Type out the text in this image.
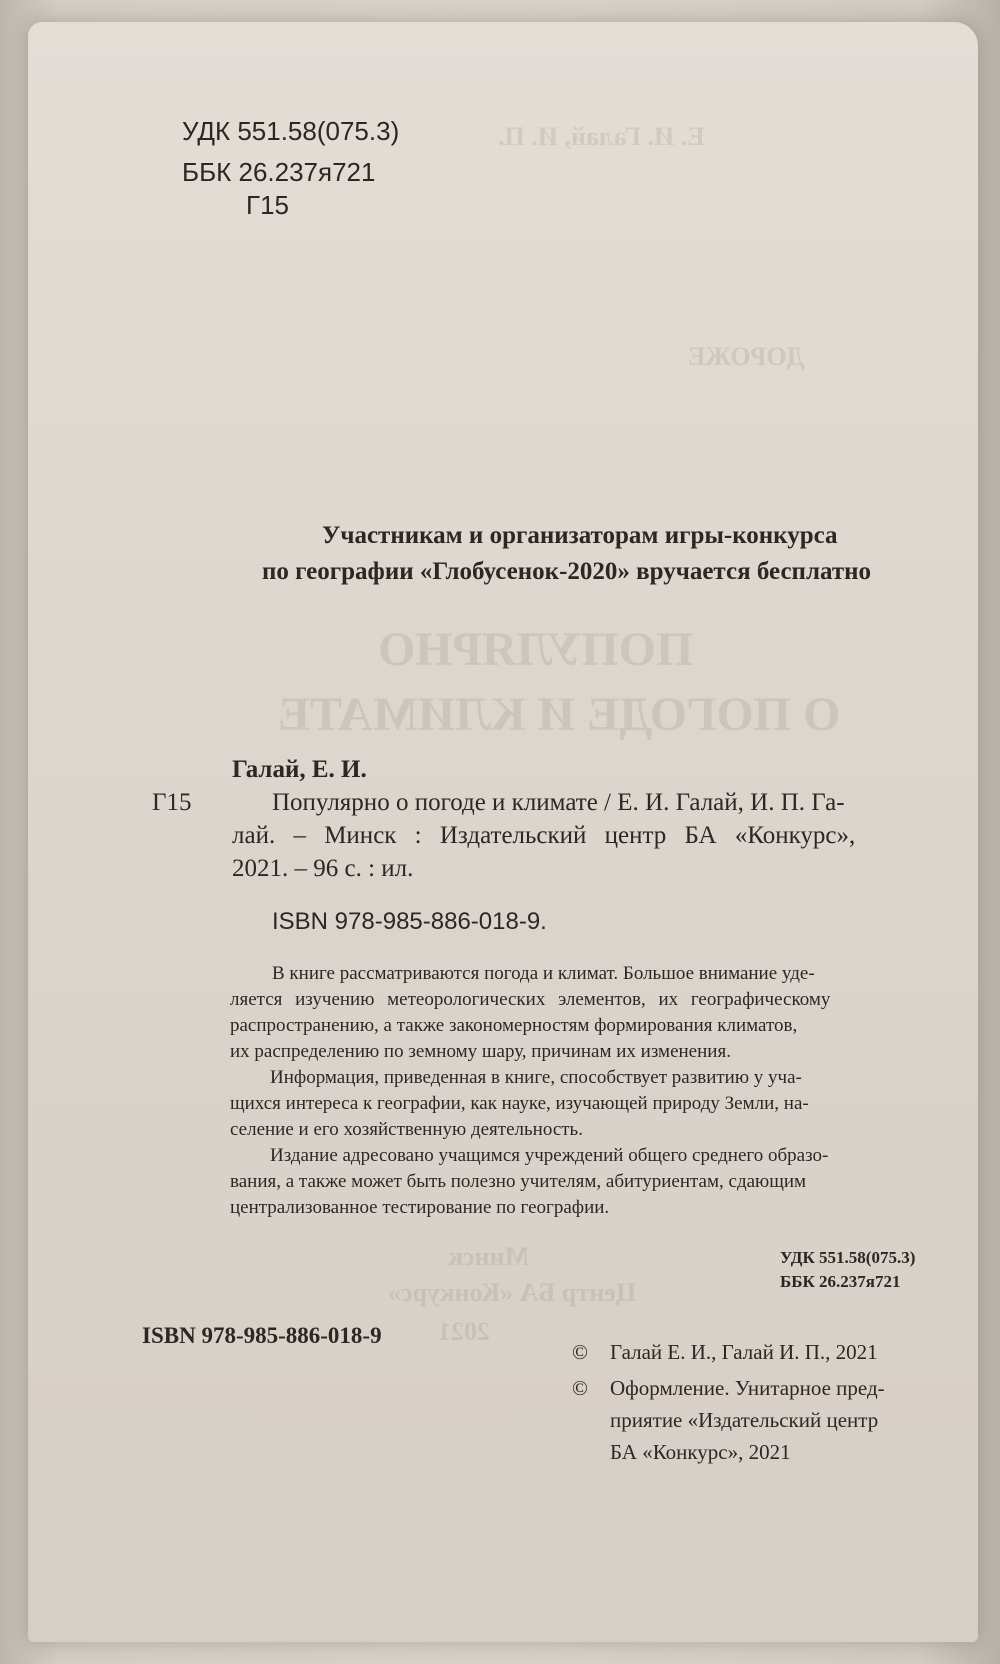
Е. И. Галай, И. П.
ДОРОЖЕ
ПОПУЛЯРНО
О ПОГОДЕ И КЛИМАТЕ
Минск
Центр БА «Конкурс»
2021
УДК 551.58(075.3)
ББК 26.237я721
Г15
Участникам и организаторам игры-конкурса
по географии «Глобусенок-2020» вручается бесплатно
Галай, Е. И.
Г15	Популярно о погоде и климате / Е. И. Галай, И. П. Га-
лай. – Минск : Издательский центр БА «Конкурс»,
2021. – 96 с. : ил.
ISBN 978-985-886-018-9.
В книге рассматриваются погода и климат. Большое внимание уде-
ляется изучению метеорологических элементов, их географическому
распространению, а также закономерностям формирования климатов,
их распределению по земному шару, причинам их изменения.
Информация, приведенная в книге, способствует развитию у уча-
щихся интереса к географии, как науке, изучающей природу Земли, на-
селение и его хозяйственную деятельность.
Издание адресовано учащимся учреждений общего среднего образо-
вания, а также может быть полезно учителям, абитуриентам, сдающим
централизованное тестирование по географии.
УДК 551.58(075.3)
ББК 26.237я721
ISBN 978-985-886-018-9
© Галай Е. И., Галай И. П., 2021
© Оформление. Унитарное пред-
приятие «Издательский центр
БА «Конкурс», 2021
